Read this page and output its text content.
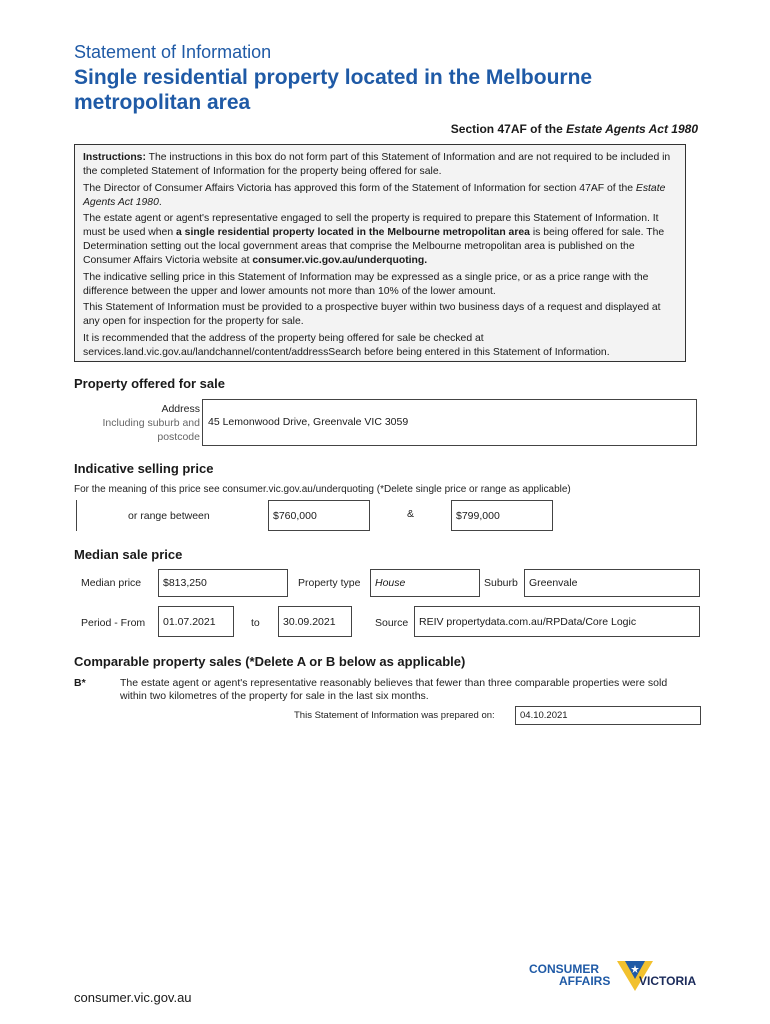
Statement of Information
Single residential property located in the Melbourne metropolitan area
Section 47AF of the Estate Agents Act 1980

Instructions: The instructions in this box do not form part of this Statement of Information and are not required to be included in the completed Statement of Information for the property being offered for sale.

The Director of Consumer Affairs Victoria has approved this form of the Statement of Information for section 47AF of the Estate Agents Act 1980.

The estate agent or agent's representative engaged to sell the property is required to prepare this Statement of Information. It must be used when a single residential property located in the Melbourne metropolitan area is being offered for sale. The Determination setting out the local government areas that comprise the Melbourne metropolitan area is published on the Consumer Affairs Victoria website at consumer.vic.gov.au/underquoting.

The indicative selling price in this Statement of Information may be expressed as a single price, or as a price range with the difference between the upper and lower amounts not more than 10% of the lower amount.

This Statement of Information must be provided to a prospective buyer within two business days of a request and displayed at any open for inspection for the property for sale.

It is recommended that the address of the property being offered for sale be checked at services.land.vic.gov.au/landchannel/content/addressSearch before being entered in this Statement of Information.

Property offered for sale
Address
Including suburb and
postcode
45 Lemonwood Drive, Greenvale VIC 3059
Indicative selling price
For the meaning of this price see consumer.vic.gov.au/underquoting (*Delete single price or range as applicable)
or range between	$760,000	&	$799,000
Median sale price
Median price	$813,250	Property type	House	Suburb	Greenvale
Period - From	01.07.2021	to	30.09.2021	Source	REIV propertydata.com.au/RPData/Core Logic
Comparable property sales (*Delete A or B below as applicable)
B*	The estate agent or agent's representative reasonably believes that fewer than three comparable properties were sold within two kilometres of the property for sale in the last six months.
This Statement of Information was prepared on:	04.10.2021
CONSUMER
AFFAIRS VICTORIA
consumer.vic.gov.au
